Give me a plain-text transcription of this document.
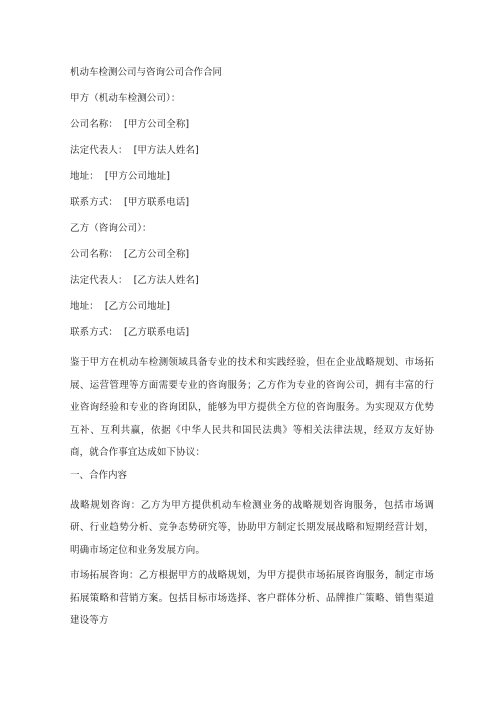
机动车检测公司与咨询公司合作合同
甲方（机动车检测公司）：
公司名称： [甲方公司全称]
法定代表人： [甲方法人姓名]
地址： [甲方公司地址]
联系方式： [甲方联系电话]
乙方（咨询公司）：
公司名称： [乙方公司全称]
法定代表人： [乙方法人姓名]
地址： [乙方公司地址]
联系方式： [乙方联系电话]

鉴于甲方在机动车检测领域具备专业的技术和实践经验，但在企业战略规划、市场拓展、运营管理等方面需要专业的咨询服务；乙方作为专业的咨询公司，拥有丰富的行业咨询经验和专业的咨询团队，能够为甲方提供全方位的咨询服务。为实现双方优势互补、互利共赢，依据《中华人民共和国民法典》等相关法律法规，经双方友好协商，就合作事宜达成如下协议：

一、合作内容

战略规划咨询：乙方为甲方提供机动车检测业务的战略规划咨询服务，包括市场调研、行业趋势分析、竞争态势研究等，协助甲方制定长期发展战略和短期经营计划，明确市场定位和业务发展方向。

市场拓展咨询：乙方根据甲方的战略规划，为甲方提供市场拓展咨询服务，制定市场拓展策略和营销方案。包括目标市场选择、客户群体分析、品牌推广策略、销售渠道建设等方
